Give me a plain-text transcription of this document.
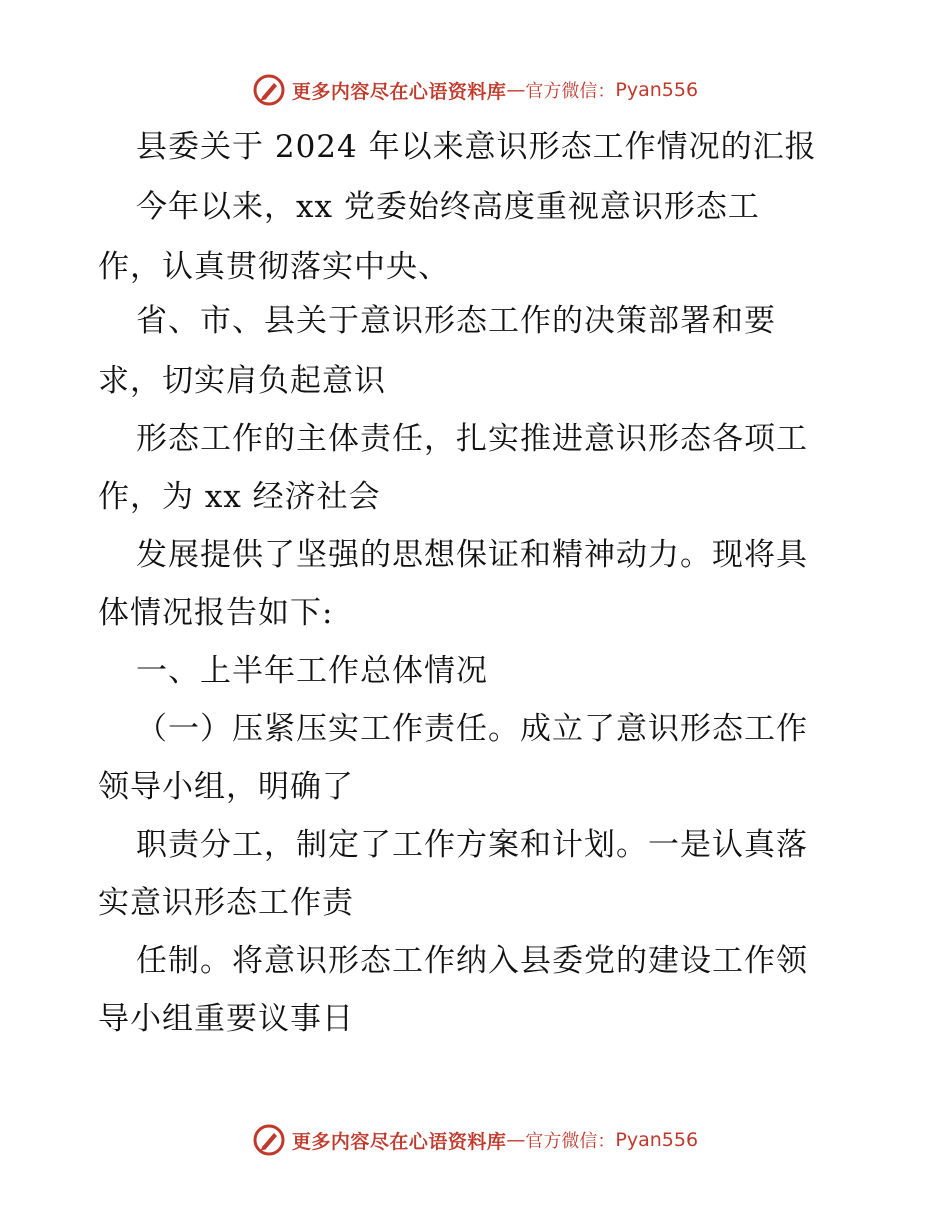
更多内容尽在心语资料库 — 官方微信： Pyan556
县委关于 2024 年以来意识形态工作情况的汇报
今年以来，xx 党委始终高度重视意识形态工
作，认真贯彻落实中央、
省、市、县关于意识形态工作的决策部署和要
求，切实肩负起意识
形态工作的主体责任，扎实推进意识形态各项工
作，为 xx 经济社会
发展提供了坚强的思想保证和精神动力。现将具
体情况报告如下:
一、上半年工作总体情况
（一）压紧压实工作责任。成立了意识形态工作
领导小组，明确了
职责分工，制定了工作方案和计划。一是认真落
实意识形态工作责
任制。将意识形态工作纳入县委党的建设工作领
导小组重要议事日
更多内容尽在心语资料库 — 官方微信： Pyan556
